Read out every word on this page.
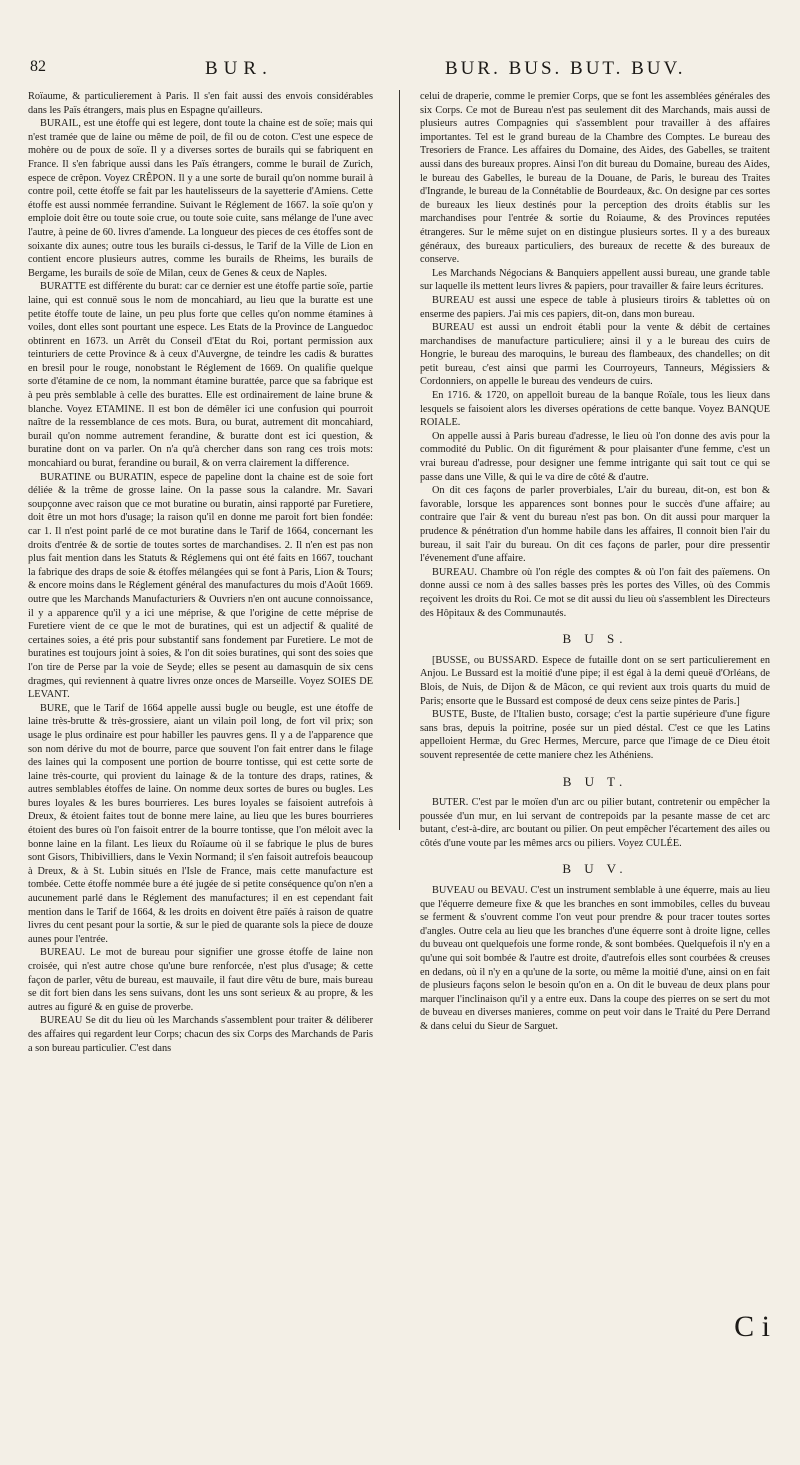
82	BUR.	BUR. BUS. BUT. BUV.

Roïaume, & particulierement à Paris. Il s'en fait aussi des envois considérables dans les Païs étrangers, mais plus en Espagne qu'ailleurs.

BURAIL, est une étoffe qui est legere, dont toute la chaine est de soïe; mais qui n'est tramée que de laine ou même de poil, de fil ou de coton. C'est une espece de mohère ou de poux de soïe. Il y a diverses sortes de burails qui se fabriquent en France. Il s'en fabrique aussi dans les Païs étrangers, comme le burail de Zurich, espece de crêpon. Voyez CRÊPON. Il y a une sorte de burail qu'on nomme burail à contre poil, cette étoffe se fait par les hautelisseurs de la sayetterie d'Amiens. Cette étoffe est aussi nommée ferrandine. Suivant le Réglement de 1667. la soïe qu'on y emploie doit être ou toute soie crue, ou toute soie cuite, sans mélange de l'une avec l'autre, à peine de 60. livres d'amende. La longueur des pieces de ces étoffes sont de soixante dix aunes; outre tous les burails ci-dessus, le Tarif de la Ville de Lion en contient encore plusieurs autres, comme les burails de Rheims, les burails de Bergame, les burails de soïe de Milan, ceux de Genes & ceux de Naples.

BURATTE est différente du burat: car ce dernier est une étoffe partie soïe, partie laine, qui est connuë sous le nom de moncahiard, au lieu que la buratte est une petite étoffe toute de laine, un peu plus forte que celles qu'on nomme étamines à voiles, dont elles sont pourtant une espece. Les Etats de la Province de Languedoc obtinrent en 1673. un Arrêt du Conseil d'Etat du Roi, portant permission aux teinturiers de cette Province & à ceux d'Auvergne, de teindre les cadis & burattes en bresil pour le rouge, nonobstant le Réglement de 1669. On qualifie quelque sorte d'étamine de ce nom, la nommant étamine burattée, parce que sa fabrique est à peu près semblable à celle des burattes. Elle est ordinairement de laine brune & blanche. Voyez ETAMINE. Il est bon de démêler ici une confusion qui pourroit naître de la ressemblance de ces mots. Bura, ou burat, autrement dit moncahiard, burail qu'on nomme autrement ferandine, & buratte dont est ici question, & buratine dont on va parler. On n'a qu'à chercher dans son rang ces trois mots: moncahiard ou burat, ferandine ou burail, & on verra clairement la difference.

BURATINE ou BURATIN, espece de papeline dont la chaine est de soie fort déliée & la trême de grosse laine. On la passe sous la calandre. Mr. Savari soupçonne avec raison que ce mot buratine ou buratin, ainsi rapporté par Furetiere, doit être un mot hors d'usage; la raison qu'il en donne me paroit fort bien fondée: car 1. Il n'est point parlé de ce mot buratine dans le Tarif de 1664, concernant les droits d'entrée & de sortie de toutes sortes de marchandises. 2. Il n'en est pas non plus fait mention dans les Statuts & Réglemens qui ont été faits en 1667, touchant la fabrique des draps de soie & étoffes mélangées qui se font à Paris, Lion & Tours; & encore moins dans le Réglement général des manufactures du mois d'Août 1669. outre que les Marchands Manufacturiers & Ouvriers n'en ont aucune connoissance, il y a apparence qu'il y a ici une méprise, & que l'origine de cette méprise de Furetiere vient de ce que le mot de buratines, qui est un adjectif & qualité de certaines soies, a été pris pour substantif sans fondement par Furetiere. Le mot de buratines est toujours joint à soies, & l'on dit soies buratines, qui sont des soies que l'on tire de Perse par la voie de Seyde; elles se pesent au damasquin de six cens dragmes, qui reviennent à quatre livres onze onces de Marseille. Voyez SOIES DE LEVANT.

BURE, que le Tarif de 1664 appelle aussi bugle ou beugle, est une étoffe de laine très-brutte & très-grossiere, aiant un vilain poil long, de fort vil prix; son usage le plus ordinaire est pour habiller les pauvres gens. Il y a de l'apparence que son nom dérive du mot de bourre, parce que souvent l'on fait entrer dans le filage des laines qui la composent une portion de bourre tontisse, qui est cette sorte de laine très-courte, qui provient du lainage & de la tonture des draps, ratines, & autres semblables étoffes de laine. On nomme deux sortes de bures ou bugles. Les bures loyales & les bures bourrieres. Les bures loyales se faisoient autrefois à Dreux, & étoient faites tout de bonne mere laine, au lieu que les bures bourrieres étoient des bures où l'on faisoit entrer de la bourre tontisse, que l'on méloit avec la bonne laine en la filant. Les lieux du Roïaume où il se fabrique le plus de bures sont Gisors, Thibivilliers, dans le Vexin Normand; il s'en faisoit autrefois beaucoup à Dreux, & à St. Lubin situés en l'Isle de France, mais cette manufacture est tombée. Cette étoffe nommée bure a été jugée de si petite conséquence qu'on n'en a aucunement parlé dans le Réglement des manufactures; il en est cependant fait mention dans le Tarif de 1664, & les droits en doivent être païés à raison de quatre livres du cent pesant pour la sortie, & sur le pied de quarante sols la piece de douze aunes pour l'entrée.

BUREAU. Le mot de bureau pour signifier une grosse étoffe de laine non croisée, qui n'est autre chose qu'une bure renforcée, n'est plus d'usage; & cette façon de parler, vêtu de bureau, est mauvaile, il faut dire vêtu de bure, mais bureau se dit fort bien dans les sens suivans, dont les uns sont serieux & au propre, & les autres au figuré & en guise de proverbe.

BUREAU Se dit du lieu où les Marchands s'assemblent pour traiter & déliberer des affaires qui regardent leur Corps; chacun des six Corps des Marchands de Paris a son bureau particulier. C'est dans

celui de draperie, comme le premier Corps, que se font les assemblées générales des six Corps. Ce mot de Bureau n'est pas seulement dit des Marchands, mais aussi de plusieurs autres Compagnies qui s'assemblent pour travailler à des affaires importantes. Tel est le grand bureau de la Chambre des Comptes. Le bureau des Tresoriers de France. Les affaires du Domaine, des Aides, des Gabelles, se traitent aussi dans des bureaux propres. Ainsi l'on dit bureau du Domaine, bureau des Aides, le bureau des Gabelles, le bureau de la Douane, de Paris, le bureau des Traites d'Ingrande, le bureau de la Connétablie de Bourdeaux, &c. On designe par ces sortes de bureaux les lieux destinés pour la perception des droits établis sur les marchandises pour l'entrée & sortie du Roiaume, & des Provinces reputées étrangeres. Sur le même sujet on en distingue plusieurs sortes. Il y a des bureaux généraux, des bureaux particuliers, des bureaux de recette & des bureaux de conserve.

Les Marchands Négocians & Banquiers appellent aussi bureau, une grande table sur laquelle ils mettent leurs livres & papiers, pour travailler & faire leurs écritures.

BUREAU est aussi une espece de table à plusieurs tiroirs & tablettes où on enserme des papiers. J'ai mis ces papiers, dit-on, dans mon bureau.

BUREAU est aussi un endroit établi pour la vente & débit de certaines marchandises de manufacture particuliere; ainsi il y a le bureau des cuirs de Hongrie, le bureau des maroquins, le bureau des flambeaux, des chandelles; on dit petit bureau, c'est ainsi que parmi les Courroyeurs, Tanneurs, Mégissiers & Cordonniers, on appelle le bureau des vendeurs de cuirs.

En 1716. & 1720, on appelloit bureau de la banque Roïale, tous les lieux dans lesquels se faisoient alors les diverses opérations de cette banque. Voyez BANQUE ROIALE.

On appelle aussi à Paris bureau d'adresse, le lieu où l'on donne des avis pour la commodité du Public. On dit figurément & pour plaisanter d'une femme, c'est un vrai bureau d'adresse, pour designer une femme intrigante qui sait tout ce qui se passe dans une Ville, & qui le va dire de côté & d'autre.

On dit ces façons de parler proverbiales, L'air du bureau, dit-on, est bon & favorable, lorsque les apparences sont bonnes pour le succès d'une affaire; au contraire que l'air & vent du bureau n'est pas bon. On dit aussi pour marquer la prudence & pénétration d'un homme habile dans les affaires, Il connoit bien l'air du bureau, il sait l'air du bureau. On dit ces façons de parler, pour dire pressentir l'évenement d'une affaire.

BUREAU. Chambre où l'on régle des comptes & où l'on fait des païemens. On donne aussi ce nom à des salles basses près les portes des Villes, où des Commis reçoivent les droits du Roi. Ce mot se dit aussi du lieu où s'assemblent les Directeurs des Hôpitaux & des Communautés.

B U S.

[BUSSE, ou BUSSARD. Espece de futaille dont on se sert particulierement en Anjou. Le Bussard est la moitié d'une pipe; il est égal à la demi queuë d'Orléans, de Blois, de Nuis, de Dijon & de Mâcon, ce qui revient aux trois quarts du muid de Paris; ensorte que le Bussard est composé de deux cens seize pintes de Paris.]

BUSTE, Buste, de l'Italien busto, corsage; c'est la partie supérieure d'une figure sans bras, depuis la poitrine, posée sur un pied déstal. C'est ce que les Latins appelloient Hermæ, du Grec Hermes, Mercure, parce que l'image de ce Dieu étoit souvent representée de cette maniere chez les Athéniens.

B U T.

BUTER. C'est par le moïen d'un arc ou pilier butant, contretenir ou empêcher la poussée d'un mur, en lui servant de contrepoids par la pesante masse de cet arc butant, c'est-à-dire, arc boutant ou pilier. On peut empêcher l'écartement des ailes ou côtés d'une voute par les mêmes arcs ou piliers. Voyez CULÉE.

B U V.

BUVEAU ou BEVAU. C'est un instrument semblable à une équerre, mais au lieu que l'équerre demeure fixe & que les branches en sont immobiles, celles du buveau se ferment & s'ouvrent comme l'on veut pour prendre & pour tracer toutes sortes d'angles. Outre cela au lieu que les branches d'une équerre sont à droite ligne, celles du buveau ont quelquefois une forme ronde, & sont bombées. Quelquefois il n'y en a qu'une qui soit bombée & l'autre est droite, d'autrefois elles sont courbées & creuses en dedans, où il n'y en a qu'une de la sorte, ou même la moitié d'une, ainsi on en fait de plusieurs façons selon le besoin qu'on en a. On dit le buveau de deux plans pour marquer l'inclinaison qu'il y a entre eux. Dans la coupe des pierres on se sert du mot de buveau en diverses manieres, comme on peut voir dans le Traité du Pere Derrand & dans celui du Sieur de Sarguet.

C i
